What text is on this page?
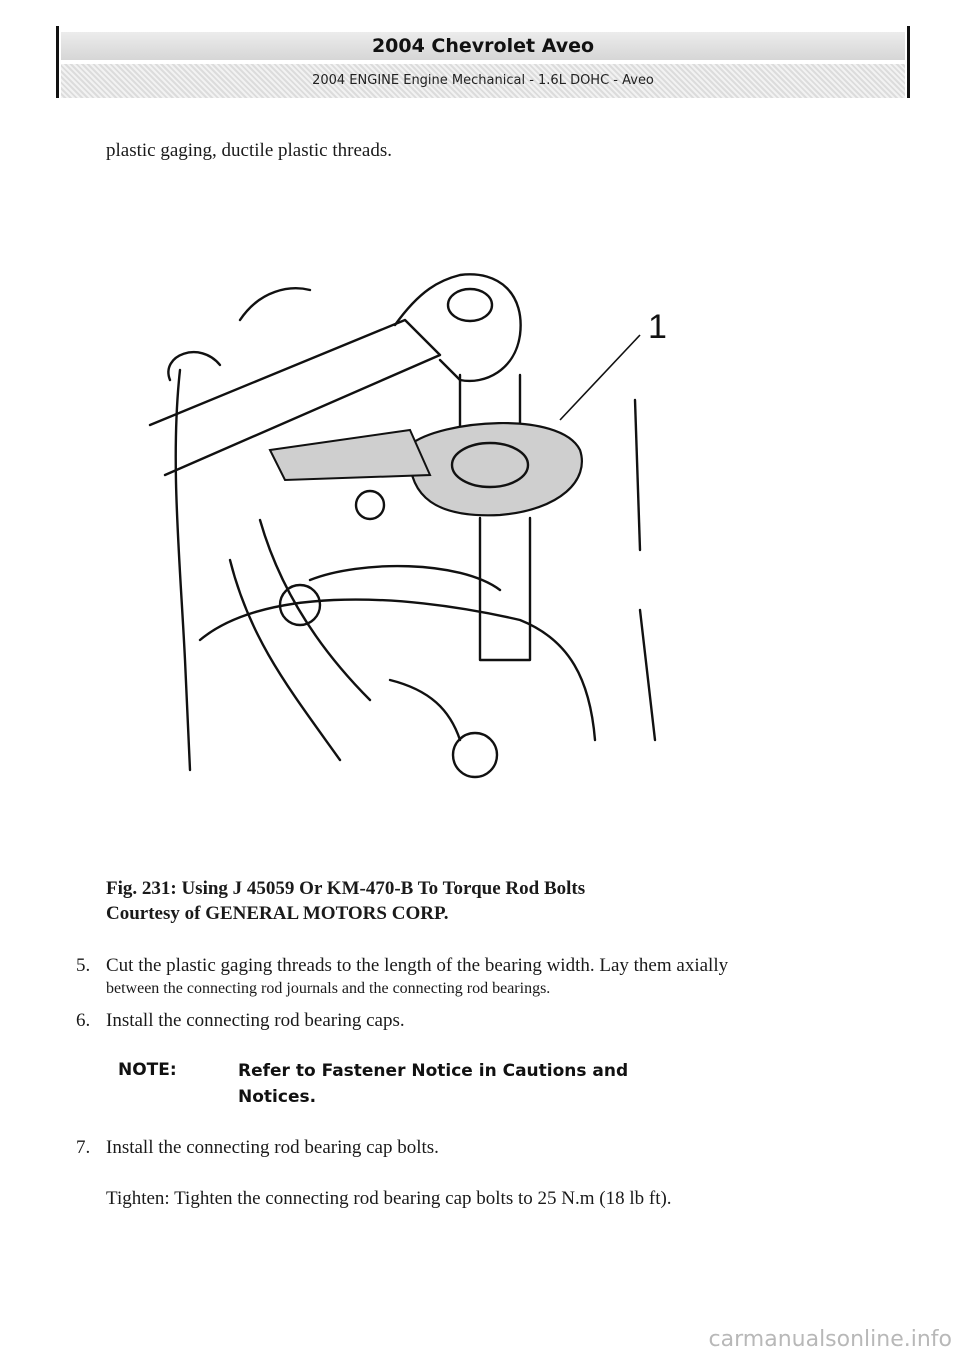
2004 Chevrolet Aveo
2004 ENGINE Engine Mechanical - 1.6L DOHC - Aveo
plastic gaging, ductile plastic threads.
1
Fig. 231: Using J 45059 Or KM-470-B To Torque Rod Bolts
Courtesy of GENERAL MOTORS CORP.
5. Cut the plastic gaging threads to the length of the bearing width. Lay them axially
between the connecting rod journals and the connecting rod bearings.
6. Install the connecting rod bearing caps.
NOTE:	Refer to Fastener Notice in Cautions and Notices.
7. Install the connecting rod bearing cap bolts.
Tighten: Tighten the connecting rod bearing cap bolts to 25 N.m (18 lb ft).
carmanualsonline.info
